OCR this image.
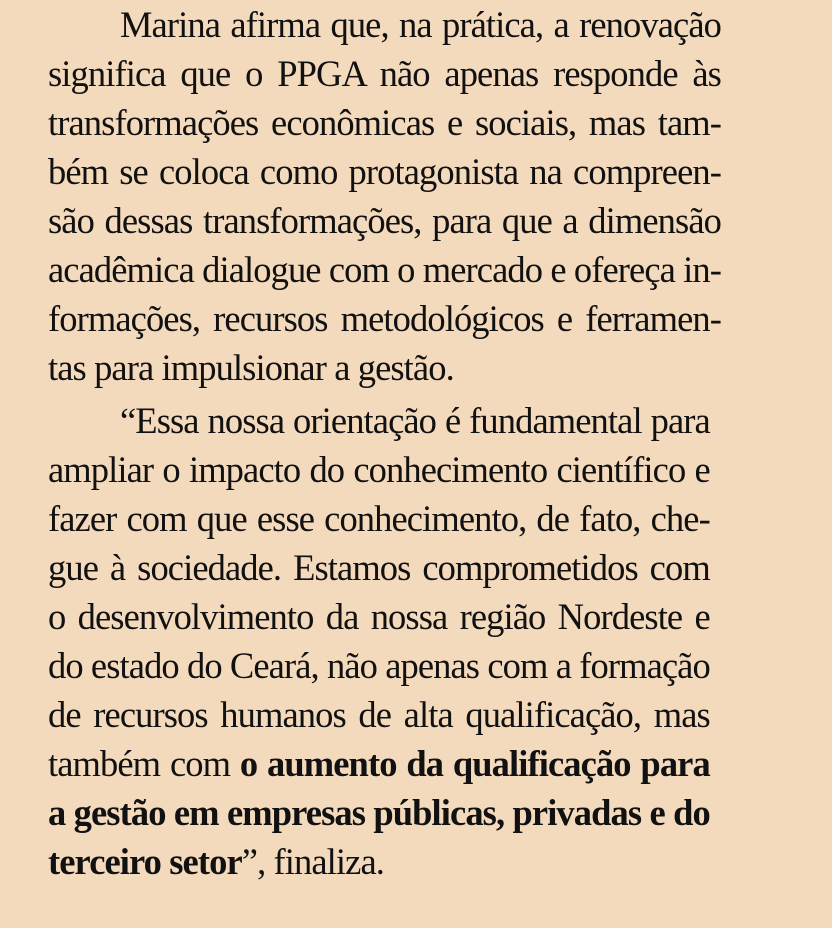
Marina afirma que, na prática, a renovação
significa que o PPGA não apenas responde às
transformações econômicas e sociais, mas tam-
bém se coloca como protagonista na compreen-
são dessas transformações, para que a dimensão
acadêmica dialogue com o mercado e ofereça in-
formações, recursos metodológicos e ferramen-
tas para impulsionar a gestão.
“Essa nossa orientação é fundamental para
ampliar o impacto do conhecimento científico e
fazer com que esse conhecimento, de fato, che-
gue à sociedade. Estamos comprometidos com
o desenvolvimento da nossa região Nordeste e
do estado do Ceará, não apenas com a formação
de recursos humanos de alta qualificação, mas
também com o aumento da qualificação para
a gestão em empresas públicas, privadas e do
terceiro setor”, finaliza.
